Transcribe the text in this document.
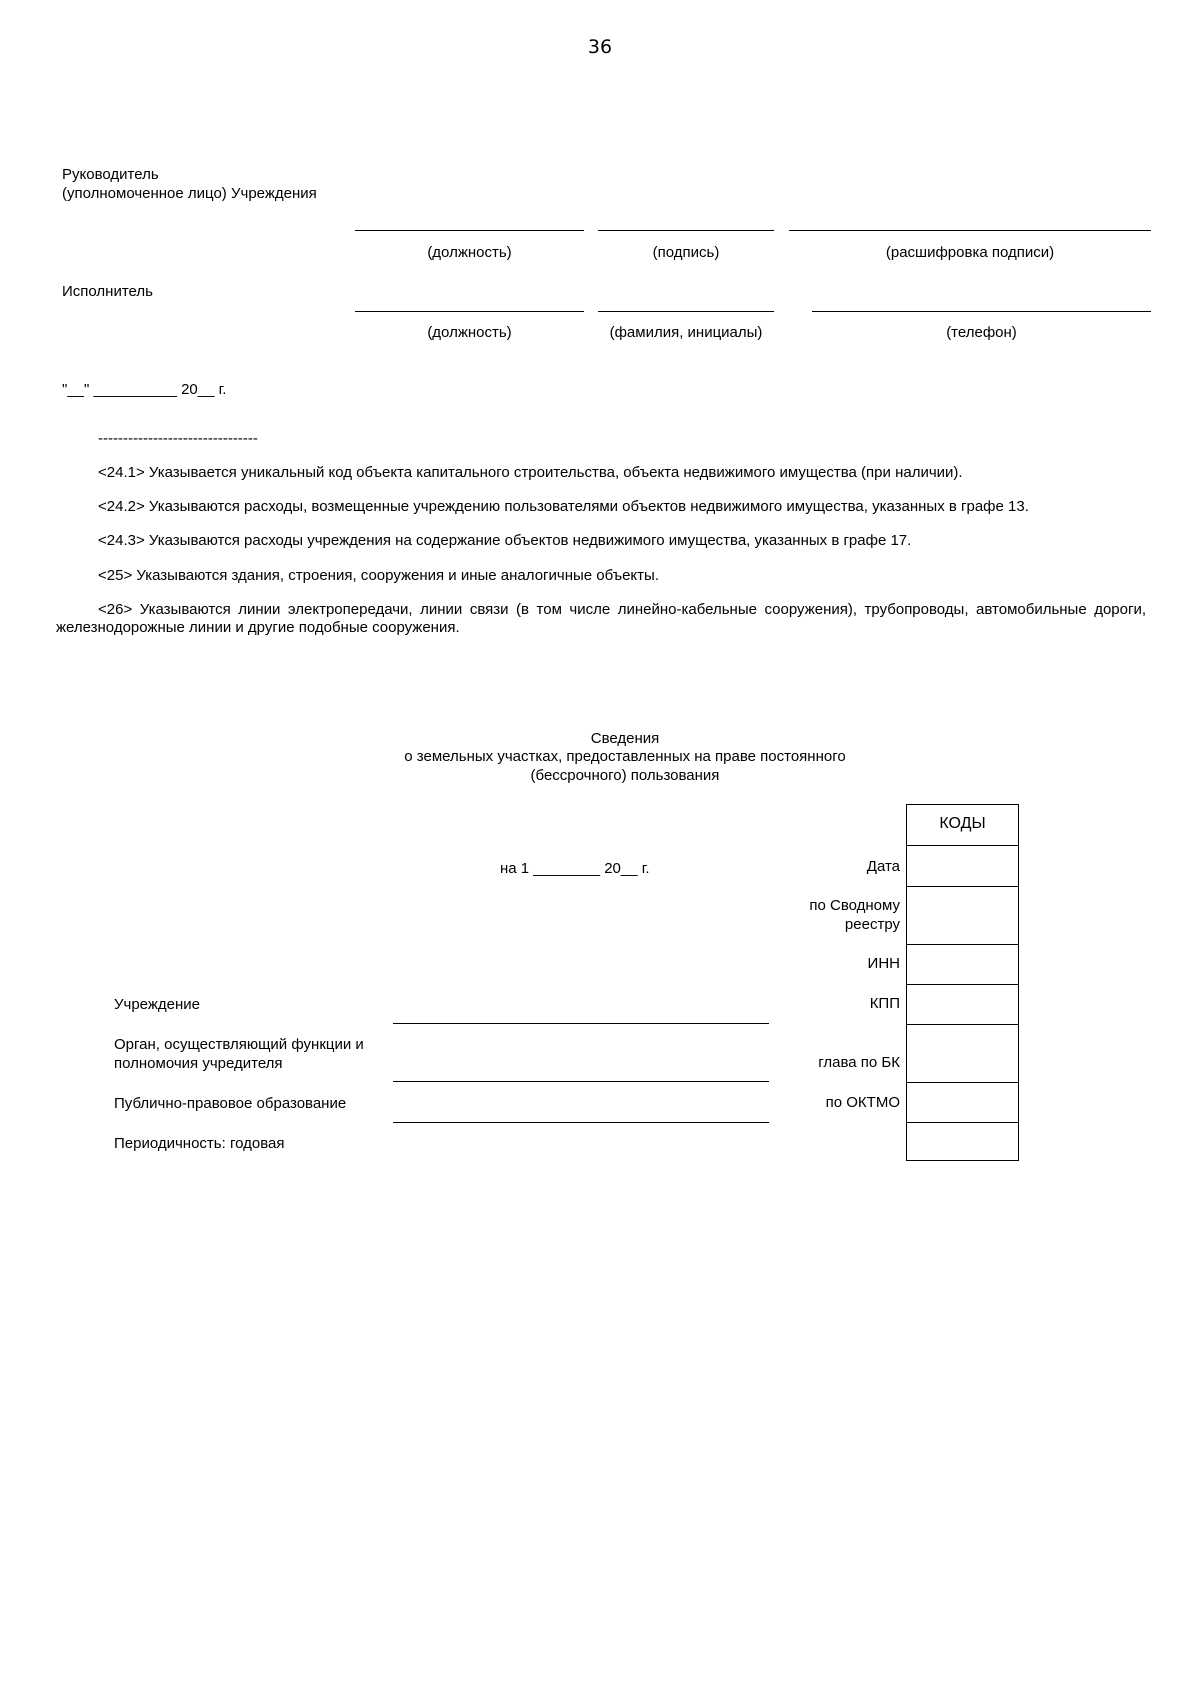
36
Руководитель
(уполномоченное лицо) Учреждения
(должность)	(подпись)	(расшифровка подписи)
Исполнитель
(должность)	(фамилия, инициалы)	(телефон)
"__" __________ 20__ г.
--------------------------------
<24.1> Указывается уникальный код объекта капитального строительства, объекта недвижимого имущества (при наличии).
<24.2> Указываются расходы, возмещенные учреждению пользователями объектов недвижимого имущества, указанных в графе 13.
<24.3> Указываются расходы учреждения на содержание объектов недвижимого имущества, указанных в графе 17.
<25> Указываются здания, строения, сооружения и иные аналогичные объекты.
<26> Указываются линии электропередачи, линии связи (в том числе линейно-кабельные сооружения), трубопроводы, автомобильные дороги, железнодорожные линии и другие подобные сооружения.
Сведения
о земельных участках, предоставленных на праве постоянного
(бессрочного) пользования
на 1 ________ 20__ г.
КОДЫ
Дата
по Сводному
реестру
ИНН
КПП
глава по БК
по ОКТМО
Учреждение
Орган, осуществляющий функции и
полномочия учредителя
Публично-правовое образование
Периодичность: годовая
